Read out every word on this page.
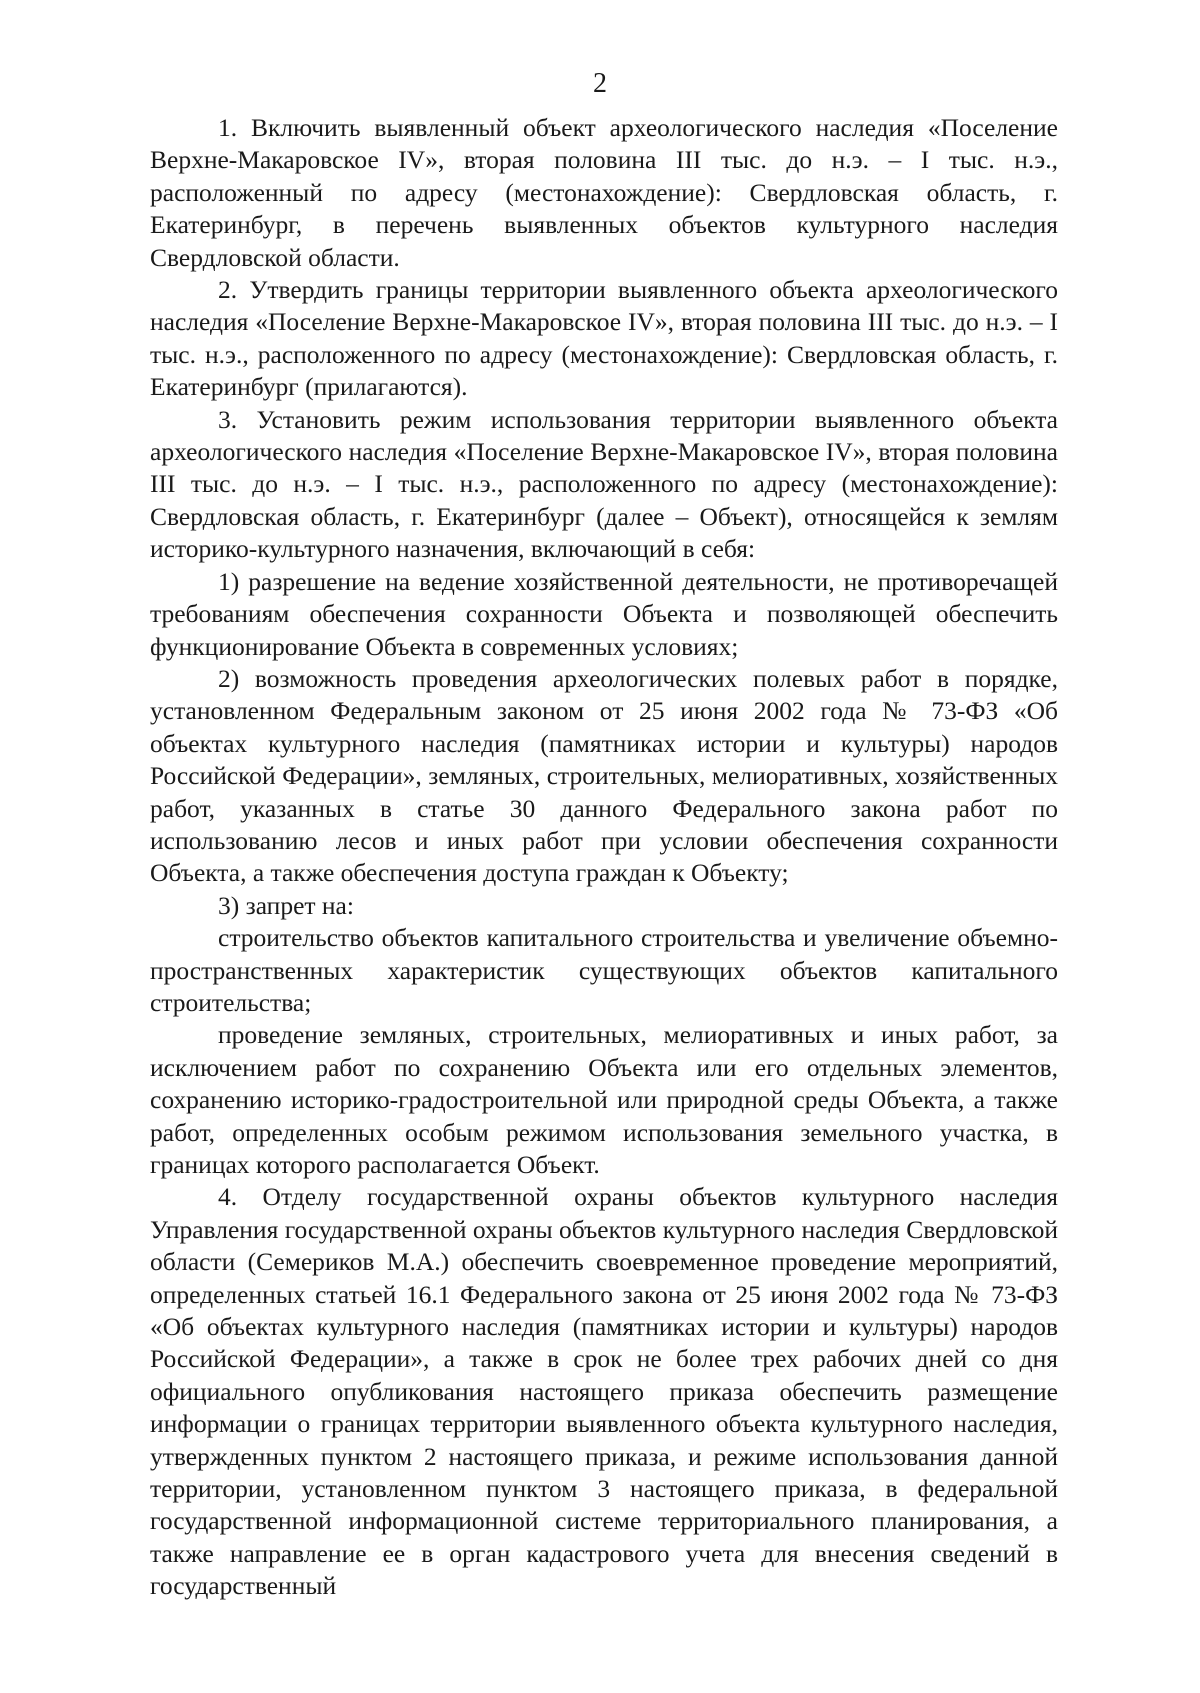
2

1. Включить выявленный объект археологического наследия «Поселение Верхне-Макаровское IV», вторая половина III тыс. до н.э. – I тыс. н.э., расположенный по адресу (местонахождение): Свердловская область, г. Екатеринбург, в перечень выявленных объектов культурного наследия Свердловской области.

2. Утвердить границы территории выявленного объекта археологического наследия «Поселение Верхне-Макаровское IV», вторая половина III тыс. до н.э. – I тыс. н.э., расположенного по адресу (местонахождение): Свердловская область, г. Екатеринбург (прилагаются).

3. Установить режим использования территории выявленного объекта археологического наследия «Поселение Верхне-Макаровское IV», вторая половина III тыс. до н.э. – I тыс. н.э., расположенного по адресу (местонахождение): Свердловская область, г. Екатеринбург (далее – Объект), относящейся к землям историко-культурного назначения, включающий в себя:

1) разрешение на ведение хозяйственной деятельности, не противоречащей требованиям обеспечения сохранности Объекта и позволяющей обеспечить функционирование Объекта в современных условиях;

2) возможность проведения археологических полевых работ в порядке, установленном Федеральным законом от 25 июня 2002 года № 73-ФЗ «Об объектах культурного наследия (памятниках истории и культуры) народов Российской Федерации», земляных, строительных, мелиоративных, хозяйственных работ, указанных в статье 30 данного Федерального закона работ по использованию лесов и иных работ при условии обеспечения сохранности Объекта, а также обеспечения доступа граждан к Объекту;

3) запрет на:

строительство объектов капитального строительства и увеличение объемно-пространственных характеристик существующих объектов капитального строительства;

проведение земляных, строительных, мелиоративных и иных работ, за исключением работ по сохранению Объекта или его отдельных элементов, сохранению историко-градостроительной или природной среды Объекта, а также работ, определенных особым режимом использования земельного участка, в границах которого располагается Объект.

4. Отделу государственной охраны объектов культурного наследия Управления государственной охраны объектов культурного наследия Свердловской области (Семериков М.А.) обеспечить своевременное проведение мероприятий, определенных статьей 16.1 Федерального закона от 25 июня 2002 года № 73-ФЗ «Об объектах культурного наследия (памятниках истории и культуры) народов Российской Федерации», а также в срок не более трех рабочих дней со дня официального опубликования настоящего приказа обеспечить размещение информации о границах территории выявленного объекта культурного наследия, утвержденных пунктом 2 настоящего приказа, и режиме использования данной территории, установленном пунктом 3 настоящего приказа, в федеральной государственной информационной системе территориального планирования, а также направление ее в орган кадастрового учета для внесения сведений в государственный
